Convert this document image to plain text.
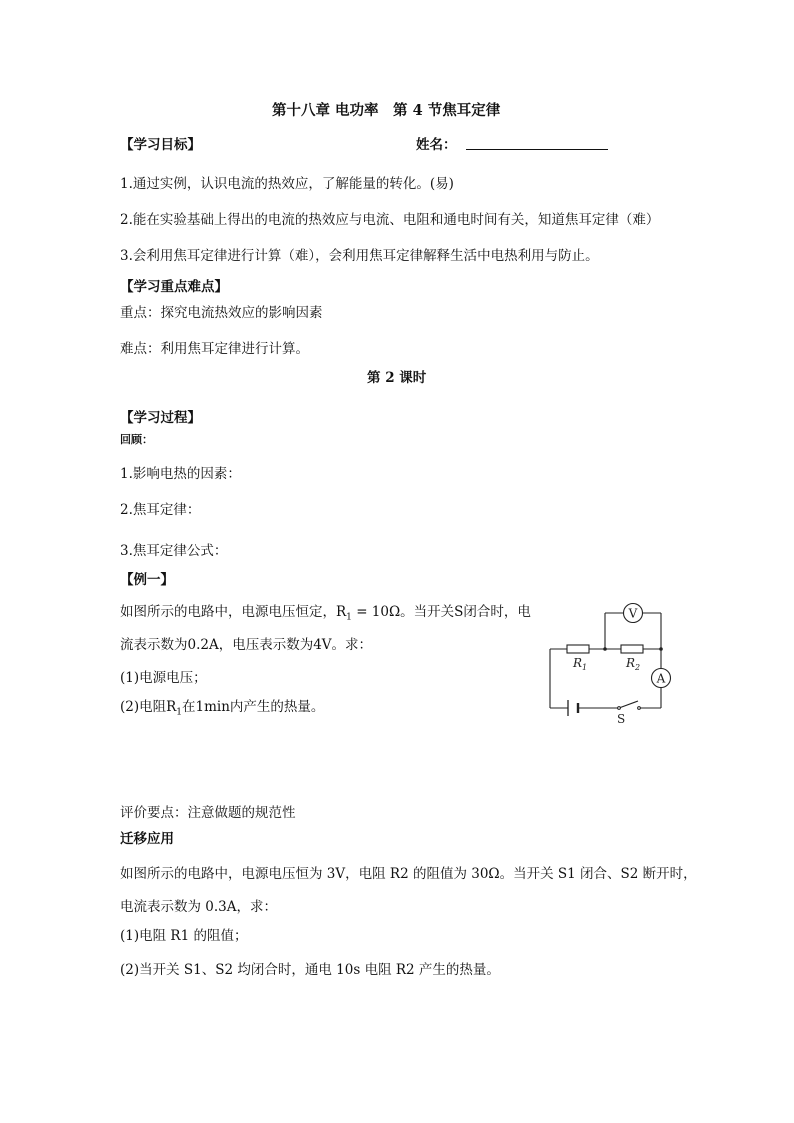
第十八章 电功率　第 4 节焦耳定律
【学习目标】	姓名：
1.通过实例，认识电流的热效应，了解能量的转化。(易)
2.能在实验基础上得出的电流的热效应与电流、电阻和通电时间有关，知道焦耳定律（难）
3.会利用焦耳定律进行计算（难），会利用焦耳定律解释生活中电热利用与防止。
【学习重点难点】
重点：探究电流热效应的影响因素
难点：利用焦耳定律进行计算。
第 2 课时
【学习过程】
回顾：
1.影响电热的因素：
2.焦耳定律：
3.焦耳定律公式：
【例一】
如图所示的电路中，电源电压恒定，$R_1 = 10\Omega$。当开关S闭合时，电
流表示数为0.2A，电压表示数为4V。求：
(1)电源电压；
(2)电阻$R_1$在1min内产生的热量。
V
A
$R_1$	$R_2$
S
评价要点：注意做题的规范性
迁移应用
如图所示的电路中，电源电压恒为 3V，电阻 R2 的阻值为 30Ω。当开关 S1 闭合、S2 断开时，
电流表示数为 0.3A，求：
(1)电阻 R1 的阻值；
(2)当开关 S1、S2 均闭合时，通电 10s 电阻 R2 产生的热量。
